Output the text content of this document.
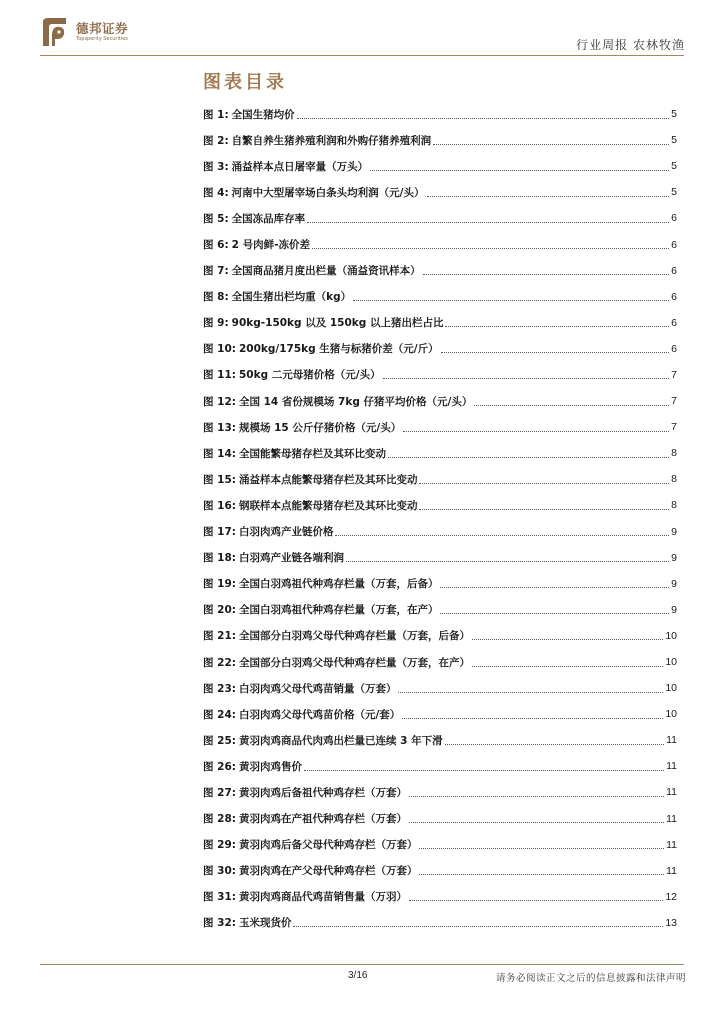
德邦证券
Topsperity Securities	行业周报 农林牧渔
图表目录
图 1: 全国生猪均价	5
图 2: 自繁自养生猪养殖利润和外购仔猪养殖利润	5
图 3: 涌益样本点日屠宰量（万头）	5
图 4: 河南中大型屠宰场白条头均利润（元/头）	5
图 5: 全国冻品库存率	6
图 6: 2 号肉鲜-冻价差	6
图 7: 全国商品猪月度出栏量（涌益资讯样本）	6
图 8: 全国生猪出栏均重（kg）	6
图 9: 90kg-150kg 以及 150kg 以上猪出栏占比	6
图 10: 200kg/175kg 生猪与标猪价差（元/斤）	6
图 11: 50kg 二元母猪价格（元/头）	7
图 12: 全国 14 省份规模场 7kg 仔猪平均价格（元/头）	7
图 13: 规模场 15 公斤仔猪价格（元/头）	7
图 14: 全国能繁母猪存栏及其环比变动	8
图 15: 涌益样本点能繁母猪存栏及其环比变动	8
图 16: 钢联样本点能繁母猪存栏及其环比变动	8
图 17: 白羽肉鸡产业链价格	9
图 18: 白羽鸡产业链各端利润	9
图 19: 全国白羽鸡祖代种鸡存栏量（万套，后备）	9
图 20: 全国白羽鸡祖代种鸡存栏量（万套，在产）	9
图 21: 全国部分白羽鸡父母代种鸡存栏量（万套，后备）	10
图 22: 全国部分白羽鸡父母代种鸡存栏量（万套，在产）	10
图 23: 白羽肉鸡父母代鸡苗销量（万套）	10
图 24: 白羽肉鸡父母代鸡苗价格（元/套）	10
图 25: 黄羽肉鸡商品代肉鸡出栏量已连续 3 年下滑	11
图 26: 黄羽肉鸡售价	11
图 27: 黄羽肉鸡后备祖代种鸡存栏（万套）	11
图 28: 黄羽肉鸡在产祖代种鸡存栏（万套）	11
图 29: 黄羽肉鸡后备父母代种鸡存栏（万套）	11
图 30: 黄羽肉鸡在产父母代种鸡存栏（万套）	11
图 31: 黄羽肉鸡商品代鸡苗销售量（万羽）	12
图 32: 玉米现货价	13
3/16	请务必阅读正文之后的信息披露和法律声明
